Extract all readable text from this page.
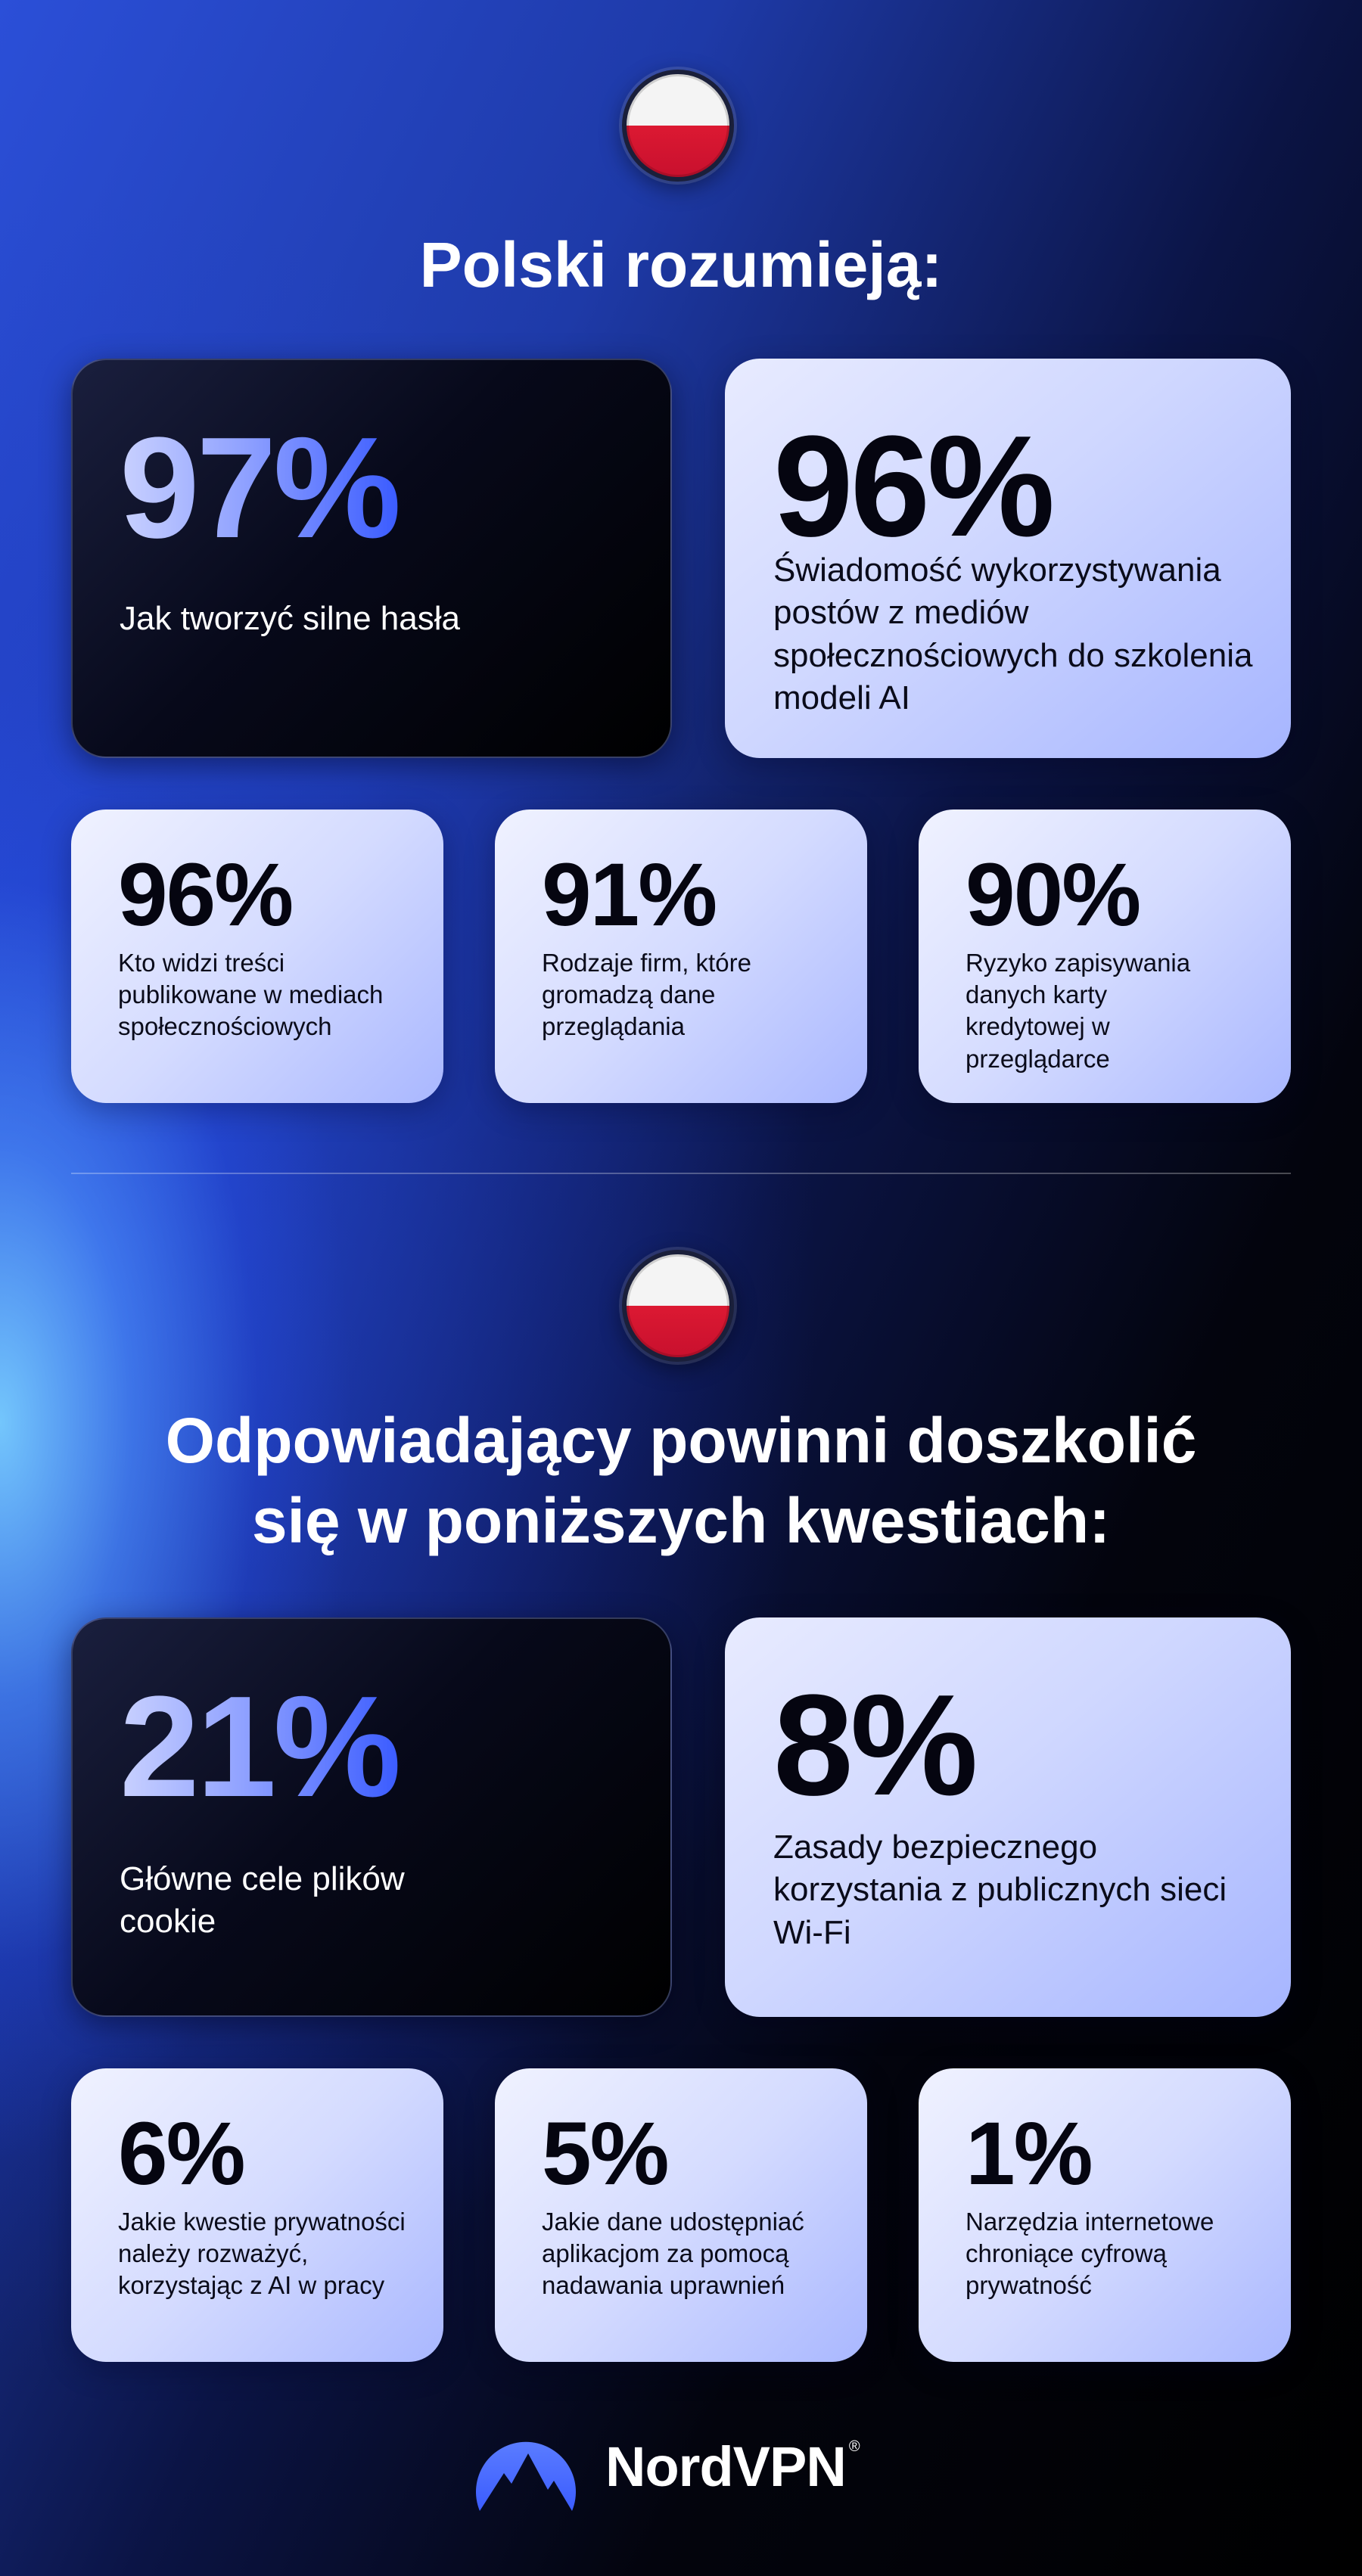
Polski rozumieją:

97%

Jak tworzyć silne hasła

96%

Świadomość wykorzystywania postów z mediów społecznościowych do szkolenia modeli AI

96%

Kto widzi treści publikowane w mediach społecznościowych

91%

Rodzaje firm, które gromadzą dane przeglądania

90%

Ryzyko zapisywania danych karty kredytowej w przeglądarce

Odpowiadający powinni doszkolić
się w poniższych kwestiach:

21%

Główne cele plików cookie

8%

Zasady bezpiecznego korzystania z publicznych sieci Wi-Fi

6%

Jakie kwestie prywatności należy rozważyć, korzystając z AI w pracy

5%

Jakie dane udostępniać aplikacjom za pomocą nadawania uprawnień

1%

Narzędzia internetowe chroniące cyfrową prywatność

NordVPN ®
